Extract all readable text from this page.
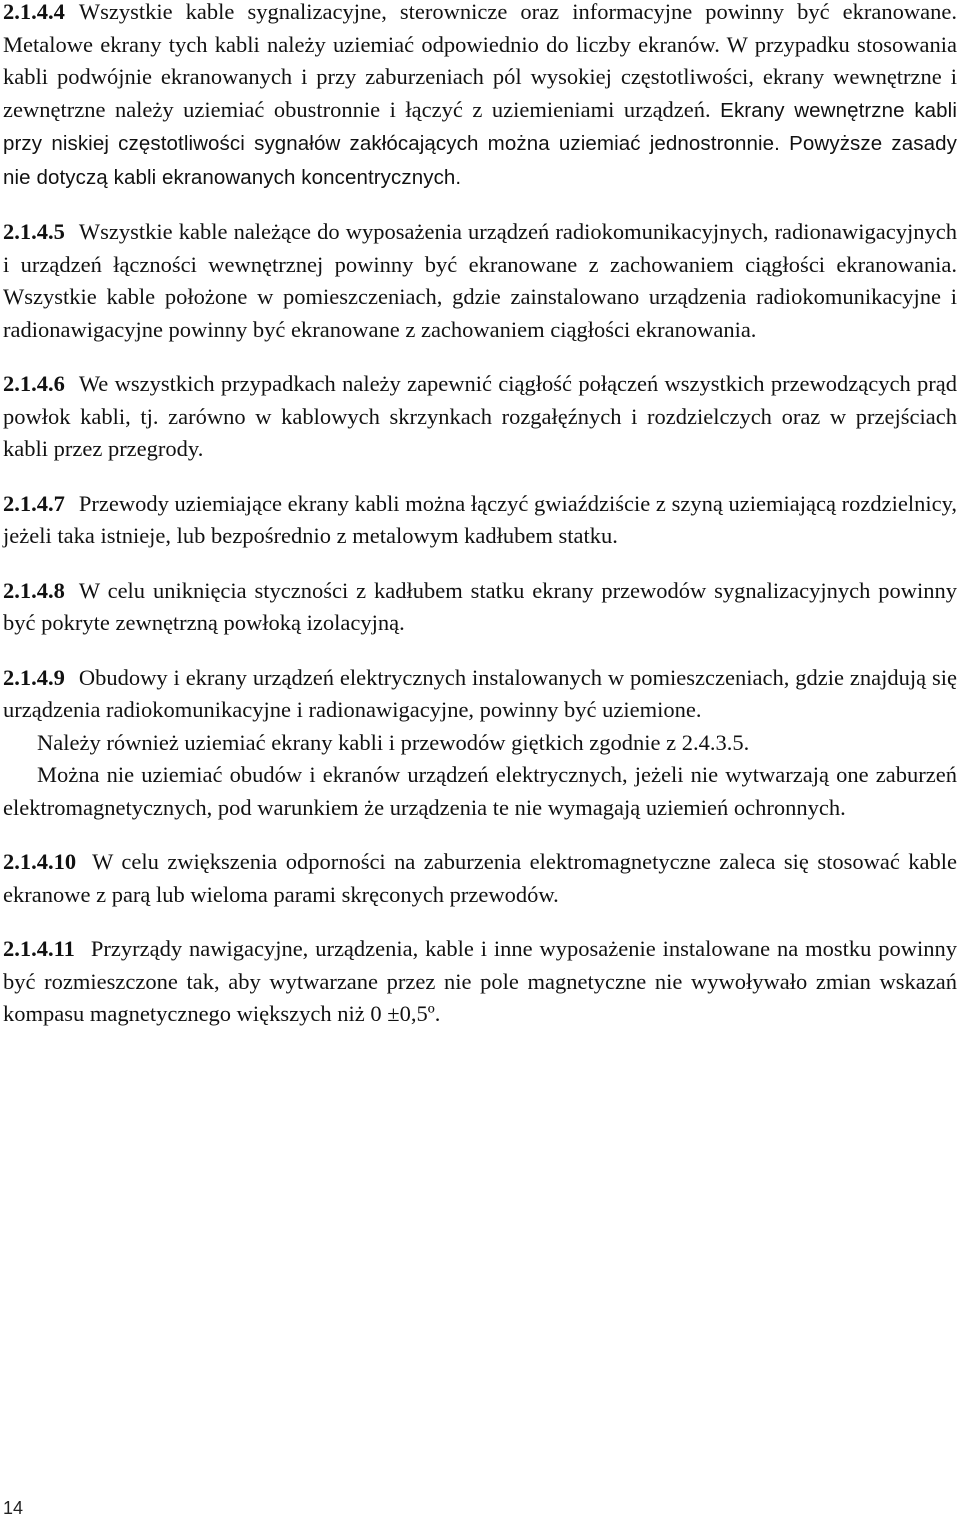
2.1.4.4 Wszystkie kable sygnalizacyjne, sterownicze oraz informacyjne powinny być ekranowane. Metalowe ekrany tych kabli należy uziemiać odpowiednio do liczby ekranów. W przypadku stosowania kabli podwójnie ekranowanych i przy zaburzeniach pól wysokiej częstotliwości, ekrany wewnętrzne i zewnętrzne należy uziemiać obustronnie i łączyć z uziemieniami urządzeń. Ekrany wewnętrzne kabli przy niskiej częstotliwości sygnałów zakłócających można uziemiać jednostronnie. Powyższe zasady nie dotyczą kabli ekranowanych koncentrycznych.

2.1.4.5 Wszystkie kable należące do wyposażenia urządzeń radiokomunikacyjnych, radionawigacyjnych i urządzeń łączności wewnętrznej powinny być ekranowane z zachowaniem ciągłości ekranowania. Wszystkie kable położone w pomieszczeniach, gdzie zainstalowano urządzenia radiokomunikacyjne i radionawigacyjne powinny być ekranowane z zachowaniem ciągłości ekranowania.

2.1.4.6 We wszystkich przypadkach należy zapewnić ciągłość połączeń wszystkich przewodzących prąd powłok kabli, tj. zarówno w kablowych skrzynkach rozgałęźnych i rozdzielczych oraz w przejściach kabli przez przegrody.

2.1.4.7 Przewody uziemiające ekrany kabli można łączyć gwiaździście z szyną uziemiającą rozdzielnicy, jeżeli taka istnieje, lub bezpośrednio z metalowym kadłubem statku.

2.1.4.8 W celu uniknięcia styczności z kadłubem statku ekrany przewodów sygnalizacyjnych powinny być pokryte zewnętrzną powłoką izolacyjną.

2.1.4.9 Obudowy i ekrany urządzeń elektrycznych instalowanych w pomieszczeniach, gdzie znajdują się urządzenia radiokomunikacyjne i radionawigacyjne, powinny być uziemione.
Należy również uziemiać ekrany kabli i przewodów giętkich zgodnie z 2.4.3.5.
Można nie uziemiać obudów i ekranów urządzeń elektrycznych, jeżeli nie wytwarzają one zaburzeń elektromagnetycznych, pod warunkiem że urządzenia te nie wymagają uziemień ochronnych.

2.1.4.10 W celu zwiększenia odporności na zaburzenia elektromagnetyczne zaleca się stosować kable ekranowe z parą lub wieloma parami skręconych przewodów.

2.1.4.11 Przyrządy nawigacyjne, urządzenia, kable i inne wyposażenie instalowane na mostku powinny być rozmieszczone tak, aby wytwarzane przez nie pole magnetyczne nie wywoływało zmian wskazań kompasu magnetycznego większych niż 0 ±0,5º.

14
